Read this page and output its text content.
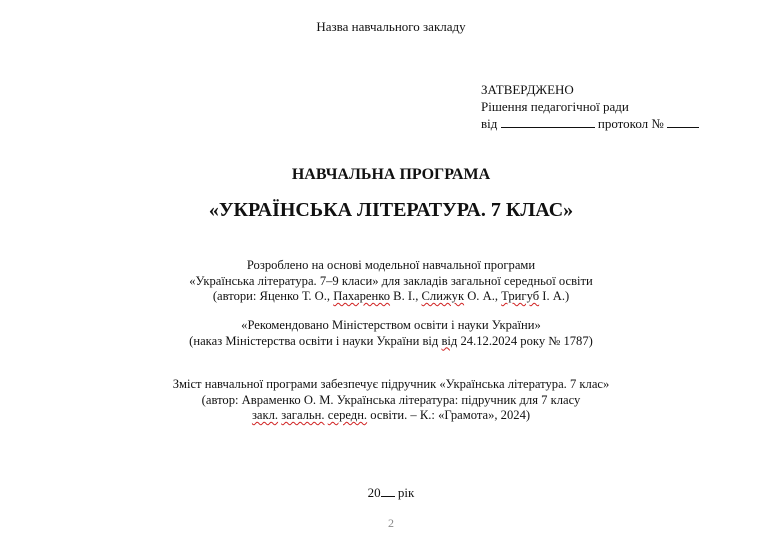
Назва навчального закладу
ЗАТВЕРДЖЕНО
Рішення педагогічної ради
від	протокол №
НАВЧАЛЬНА ПРОГРАМА
«УКРАЇНСЬКА ЛІТЕРАТУРА. 7 КЛАС»
Розроблено на основі модельної навчальної програми
«Українська література. 7–9 класи» для закладів загальної середньої освіти
(автори: Яценко Т. О., Пахаренко В. І., Слижук О. А., Тригуб І. А.)
«Рекомендовано Міністерством освіти і науки України»
(наказ Міністерства освіти і науки України від від 24.12.2024 року № 1787)
Зміст навчальної програми забезпечує підручник «Українська література. 7 клас»
(автор: Авраменко О. М. Українська література: підручник для 7 класу
закл. загальн. середн. освіти. – К.: «Грамота», 2024)
20 рік
2
